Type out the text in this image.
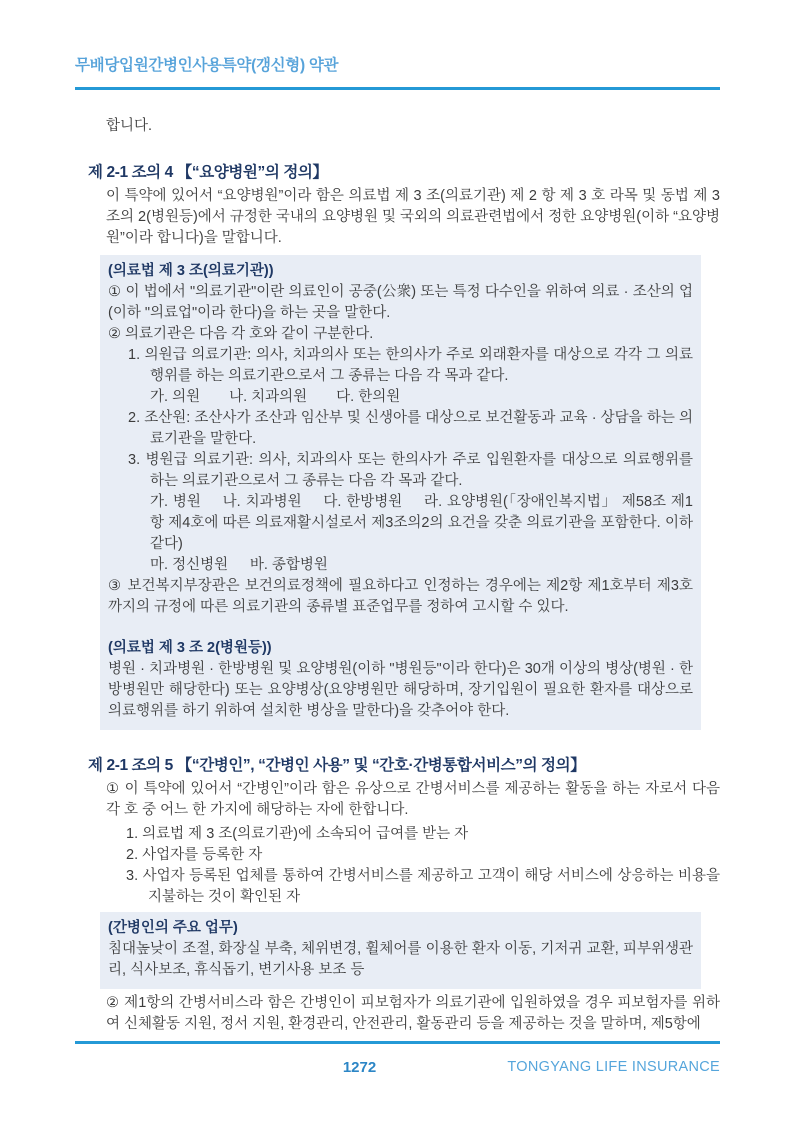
무배당입원간병인사용특약(갱신형) 약관
합니다.
제 2-1 조의 4 【“요양병원”의 정의】
이 특약에 있어서 “요양병원”이라 함은 의료법 제 3 조(의료기관) 제 2 항 제 3 호 라목 및 동법 제 3 조의 2(병원등)에서 규정한 국내의 요양병원 및 국외의 의료관련법에서 정한 요양병원(이하 “요양병원”이라 합니다)을 말합니다.
(의료법 제 3 조(의료기관))
① 이 법에서 "의료기관"이란 의료인이 공중(公衆) 또는 특정 다수인을 위하여 의료 · 조산의 업(이하 "의료업"이라 한다)을 하는 곳을 말한다.
② 의료기관은 다음 각 호와 같이 구분한다.
1. 의원급 의료기관: 의사, 치과의사 또는 한의사가 주로 외래환자를 대상으로 각각 그 의료행위를 하는 의료기관으로서 그 종류는 다음 각 목과 같다.
가. 의원  나. 치과의원  다. 한의원
2. 조산원: 조산사가 조산과 임산부 및 신생아를 대상으로 보건활동과 교육 · 상담을 하는 의료기관을 말한다.
3. 병원급 의료기관: 의사, 치과의사 또는 한의사가 주로 입원환자를 대상으로 의료행위를 하는 의료기관으로서 그 종류는 다음 각 목과 같다.
가. 병원  나. 치과병원  다. 한방병원  라. 요양병원(「장애인복지법」 제58조 제1항 제4호에 따른 의료재활시설로서 제3조의2의 요건을 갖춘 의료기관을 포함한다. 이하 같다)
마. 정신병원  바. 종합병원
③ 보건복지부장관은 보건의료정책에 필요하다고 인정하는 경우에는 제2항 제1호부터 제3호까지의 규정에 따른 의료기관의 종류별 표준업무를 정하여 고시할 수 있다.
(의료법 제 3 조 2(병원등))
병원 · 치과병원 · 한방병원 및 요양병원(이하 "병원등"이라 한다)은 30개 이상의 병상(병원 · 한방병원만 해당한다) 또는 요양병상(요양병원만 해당하며, 장기입원이 필요한 환자를 대상으로 의료행위를 하기 위하여 설치한 병상을 말한다)을 갖추어야 한다.
제 2-1 조의 5 【“간병인”, “간병인 사용” 및 “간호·간병통합서비스”의 정의】
① 이 특약에 있어서 “간병인”이라 함은 유상으로 간병서비스를 제공하는 활동을 하는 자로서 다음 각 호 중 어느 한 가지에 해당하는 자에 한합니다.
1. 의료법 제 3 조(의료기관)에 소속되어 급여를 받는 자
2. 사업자를 등록한 자
3. 사업자 등록된 업체를 통하여 간병서비스를 제공하고 고객이 해당 서비스에 상응하는 비용을 지불하는 것이 확인된 자
(간병인의 주요 업무)
침대높낮이 조절, 화장실 부축, 체위변경, 휠체어를 이용한 환자 이동, 기저귀 교환, 피부위생관리, 식사보조, 휴식돕기, 변기사용 보조 등
② 제1항의 간병서비스라 함은 간병인이 피보험자가 의료기관에 입원하였을 경우 피보험자를 위하여 신체활동 지원, 정서 지원, 환경관리, 안전관리, 활동관리 등을 제공하는 것을 말하며, 제5항에
1272	TONGYANG LIFE INSURANCE
